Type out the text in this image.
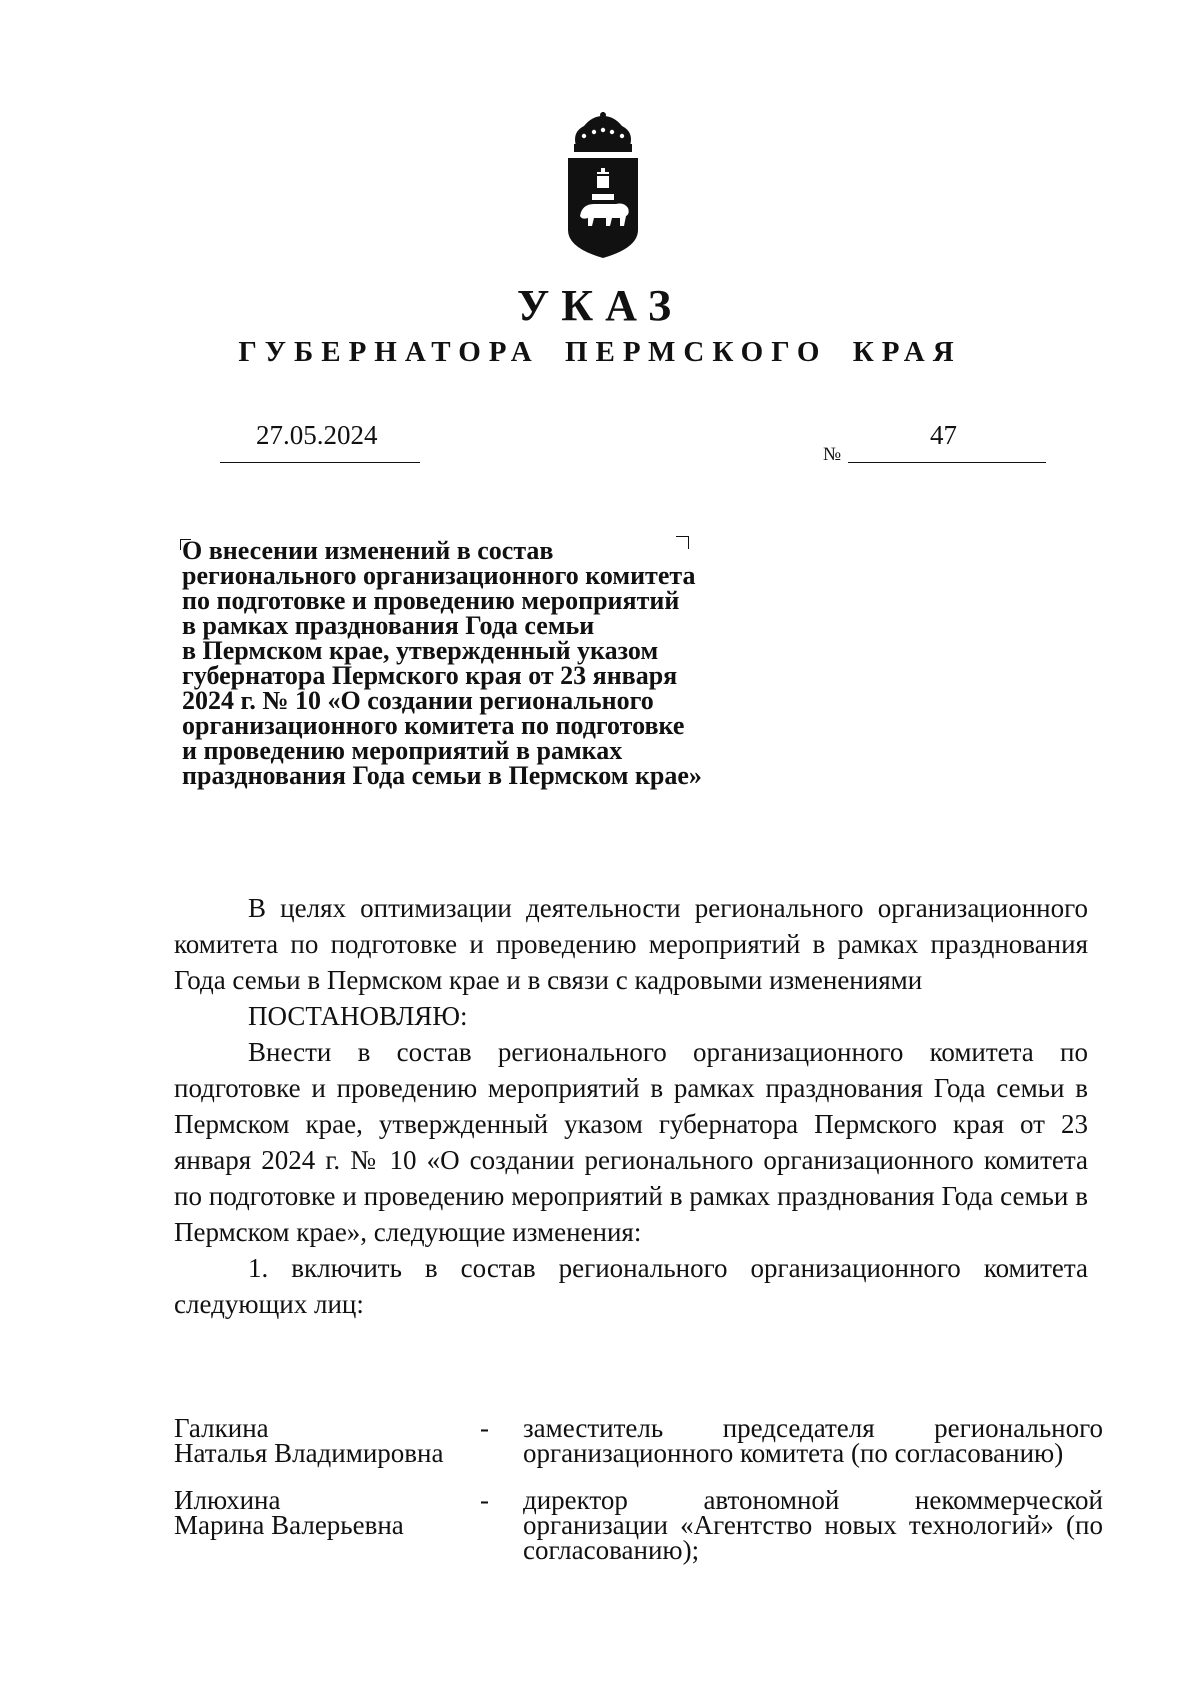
УКАЗ
ГУБЕРНАТОРА ПЕРМСКОГО КРАЯ
27.05.2024
№
47
О внесении изменений в состав
регионального организационного комитета
по подготовке и проведению мероприятий
в рамках празднования Года семьи
в Пермском крае, утвержденный указом
губернатора Пермского края от 23 января
2024 г. № 10 «О создании регионального
организационного комитета по подготовке
и проведению мероприятий в рамках
празднования Года семьи в Пермском крае»

В целях оптимизации деятельности регионального организационного комитета по подготовке и проведению мероприятий в рамках празднования Года семьи в Пермском крае и в связи с кадровыми изменениями

ПОСТАНОВЛЯЮ:

Внести в состав регионального организационного комитета по подготовке и проведению мероприятий в рамках празднования Года семьи в Пермском крае, утвержденный указом губернатора Пермского края от 23 января 2024 г. № 10 «О создании регионального организационного комитета по подготовке и проведению мероприятий в рамках празднования Года семьи в Пермском крае», следующие изменения:

1. включить в состав регионального организационного комитета следующих лиц:

Галкина
Наталья Владимировна
- заместитель председателя регионального организационного комитета (по согласованию)
Илюхина
Марина Валерьевна
- директор автономной некоммерческой организации «Агентство новых технологий» (по согласованию);
